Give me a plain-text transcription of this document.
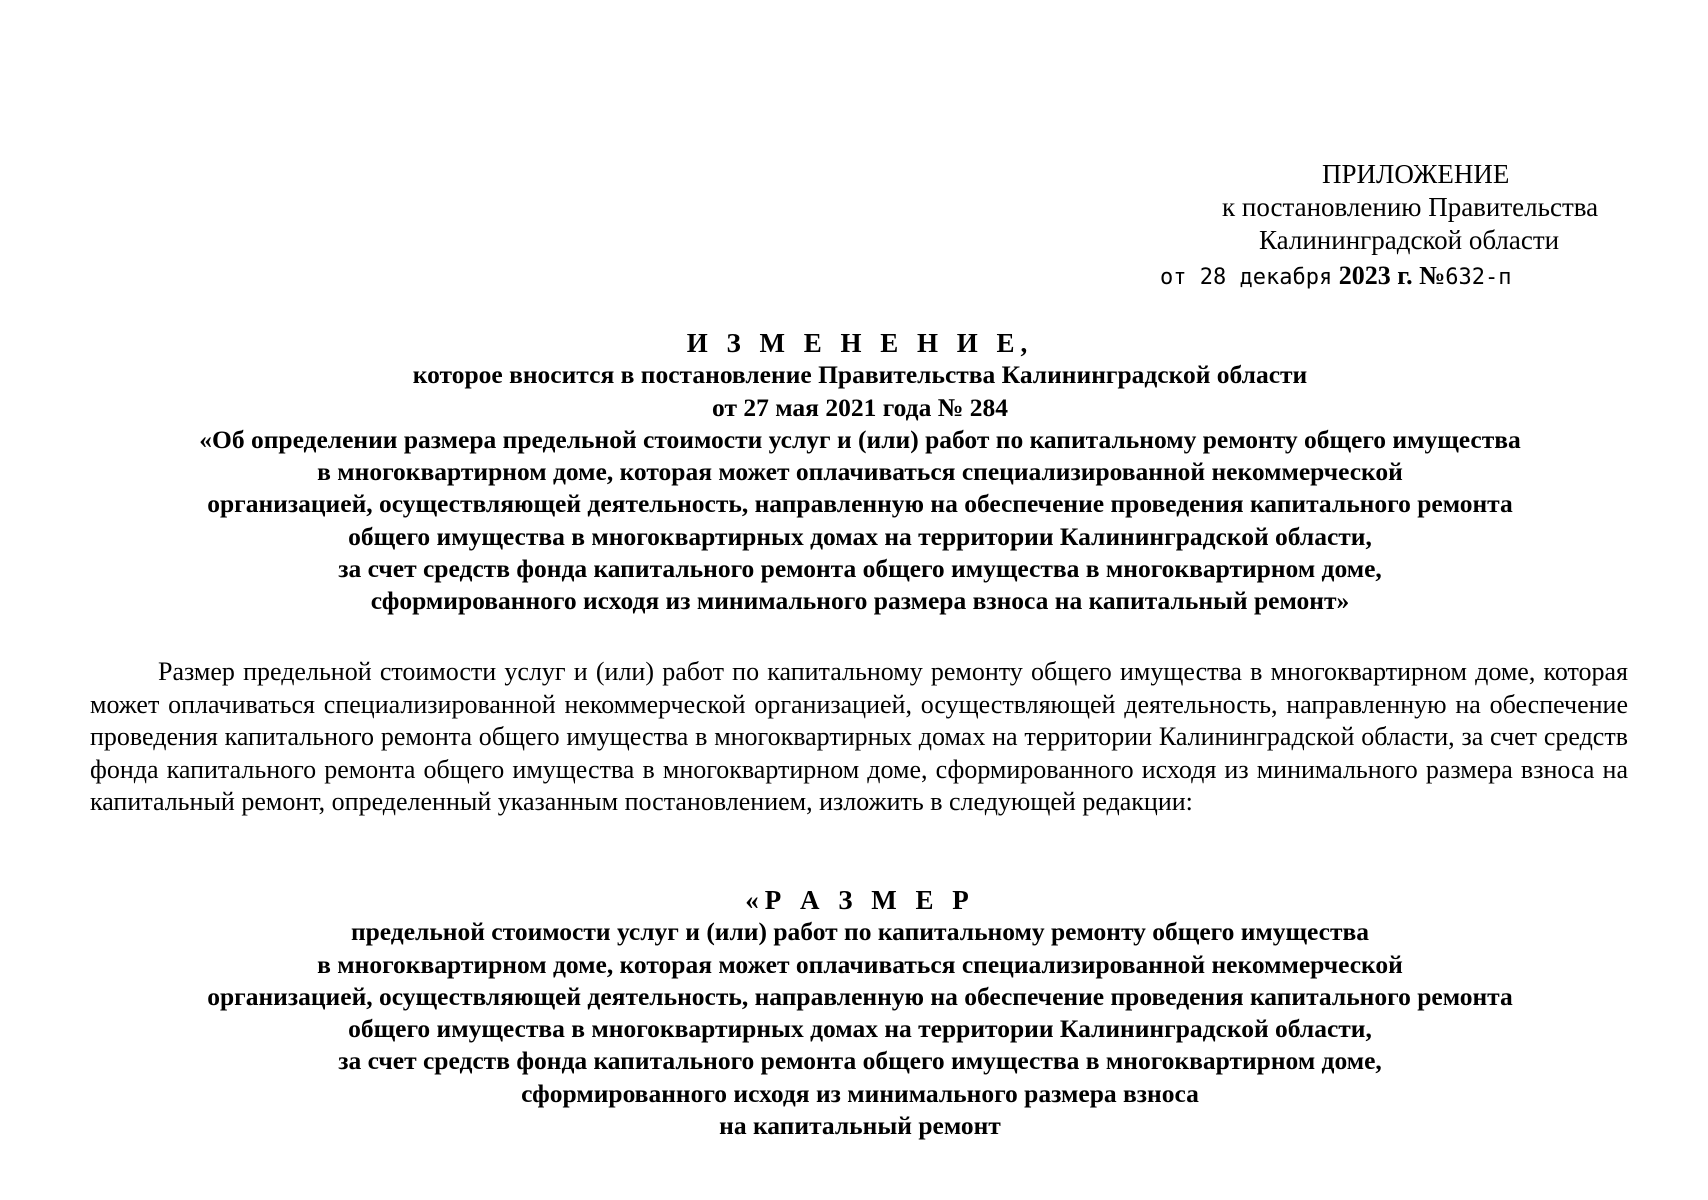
ПРИЛОЖЕНИЕ
к постановлению Правительства
Калининградской области
от 28 декабря 2023 г. №632-п
И З М Е Н Е Н И Е,
которое вносится в постановление Правительства Калининградской области
от 27 мая 2021 года № 284
«Об определении размера предельной стоимости услуг и (или) работ по капитальному ремонту общего имущества
в многоквартирном доме, которая может оплачиваться специализированной некоммерческой
организацией, осуществляющей деятельность, направленную на обеспечение проведения капитального ремонта
общего имущества в многоквартирных домах на территории Калининградской области,
за счет средств фонда капитального ремонта общего имущества в многоквартирном доме,
сформированного исходя из минимального размера взноса на капитальный ремонт»

Размер предельной стоимости услуг и (или) работ по капитальному ремонту общего имущества в многоквартирном доме, которая может оплачиваться специализированной некоммерческой организацией, осуществляющей деятельность, направленную на обеспечение проведения капитального ремонта общего имущества в многоквартирных домах на территории Калининградской области, за счет средств фонда капитального ремонта общего имущества в многоквартирном доме, сформированного исходя из минимального размера взноса на капитальный ремонт, определенный указанным постановлением, изложить в следующей редакции:

«Р А З М Е Р
предельной стоимости услуг и (или) работ по капитальному ремонту общего имущества
в многоквартирном доме, которая может оплачиваться специализированной некоммерческой
организацией, осуществляющей деятельность, направленную на обеспечение проведения капитального ремонта
общего имущества в многоквартирных домах на территории Калининградской области,
за счет средств фонда капитального ремонта общего имущества в многоквартирном доме,
сформированного исходя из минимального размера взноса
на капитальный ремонт
